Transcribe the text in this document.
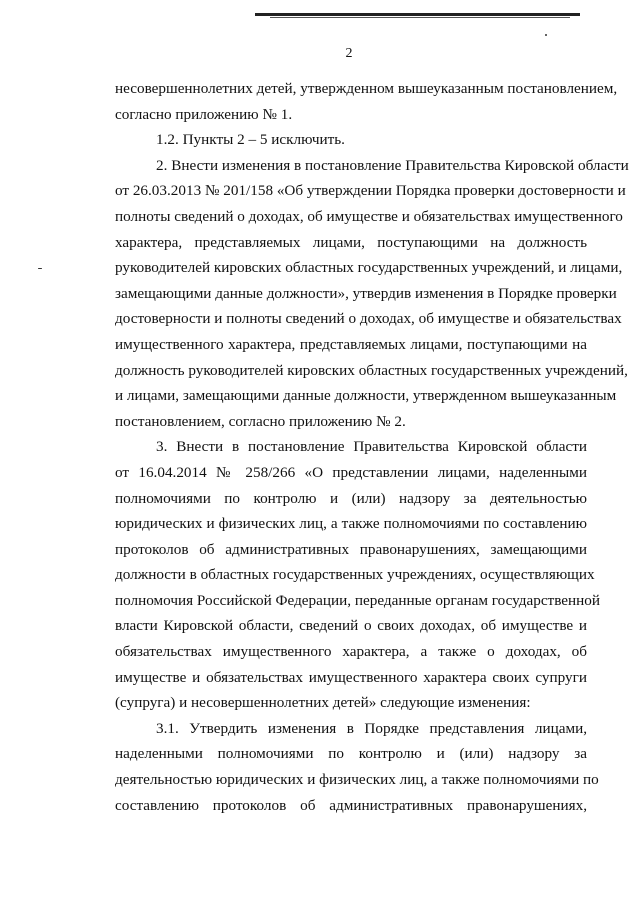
2
несовершеннолетних детей, утвержденном вышеуказанным постановлением,
согласно приложению № 1.
1.2. Пункты 2 – 5 исключить.
2. Внести изменения в постановление Правительства Кировской области
от 26.03.2013 № 201/158 «Об утверждении Порядка проверки достоверности и
полноты сведений о доходах, об имуществе и обязательствах имущественного
характера, представляемых лицами, поступающими на должность
руководителей кировских областных государственных учреждений, и лицами,
замещающими данные должности», утвердив изменения в Порядке проверки
достоверности и полноты сведений о доходах, об имуществе и обязательствах
имущественного характера, представляемых лицами, поступающими на
должность руководителей кировских областных государственных учреждений,
и лицами, замещающими данные должности, утвержденном вышеуказанным
постановлением, согласно приложению № 2.
3. Внести в постановление Правительства Кировской области
от 16.04.2014 № 258/266 «О представлении лицами, наделенными
полномочиями по контролю и (или) надзору за деятельностью
юридических и физических лиц, а также полномочиями по составлению
протоколов об административных правонарушениях, замещающими
должности в областных государственных учреждениях, осуществляющих
полномочия Российской Федерации, переданные органам государственной
власти Кировской области, сведений о своих доходах, об имуществе и
обязательствах имущественного характера, а также о доходах, об
имуществе и обязательствах имущественного характера своих супруги
(супруга) и несовершеннолетних детей» следующие изменения:
3.1. Утвердить изменения в Порядке представления лицами,
наделенными полномочиями по контролю и (или) надзору за
деятельностью юридических и физических лиц, а также полномочиями по
составлению протоколов об административных правонарушениях,
